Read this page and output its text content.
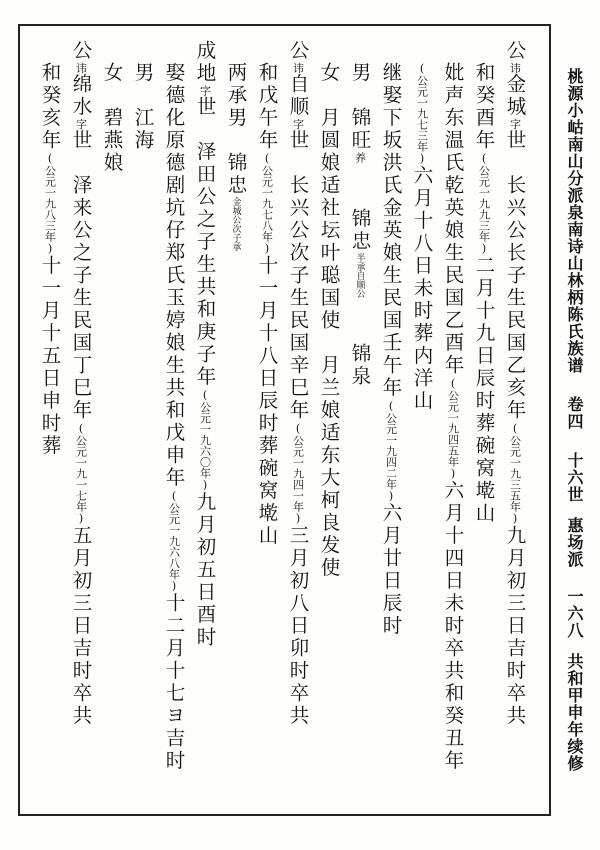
桃源小岵南山分派泉南诗山林柄陈氏族谱卷四十六世惠场派一六八共和甲申年续修
公讳金城字世　长兴公长子生民国乙亥年(公元一九三五年)九月初三日吉时卒共
和癸酉年(公元一九九三年)二月十九日辰时葬碗窝墘山
妣声东温氏乾英娘生民国乙酉年(公元一九四五年)六月十四日未时卒共和癸丑年
(公元一九七三年)六月十八日未时葬内洋山
继娶下坂洪氏金英娘生民国壬午年(公元一九四二年)六月廿日辰时
男　锦旺养　　锦忠半承自顺公　　锦泉
女　月圆娘适社坛叶聪国使　月兰娘适东大柯良发使
公讳自顺字世　长兴公次子生民国辛巳年(公元一九四一年)三月初八日卯时卒共
和戊午年(公元一九七八年)十一月十八日辰时葬碗窝墘山
两承男　锦忠金城公次子承
成地字世　泽田公之子生共和庚子年(公元一九六〇年)九月初五日酉时
娶德化原德剧坑仔郑氏玉婷娘生共和戊申年(公元一九六八年)十二月十七ヨ吉时
男　江海
女　碧燕娘
公讳绵水字世　泽来公之子生民国丁巳年(公元一九一七年)五月初三日吉时卒共
和癸亥年(公元一九八三年)十一月十五日申时葬
